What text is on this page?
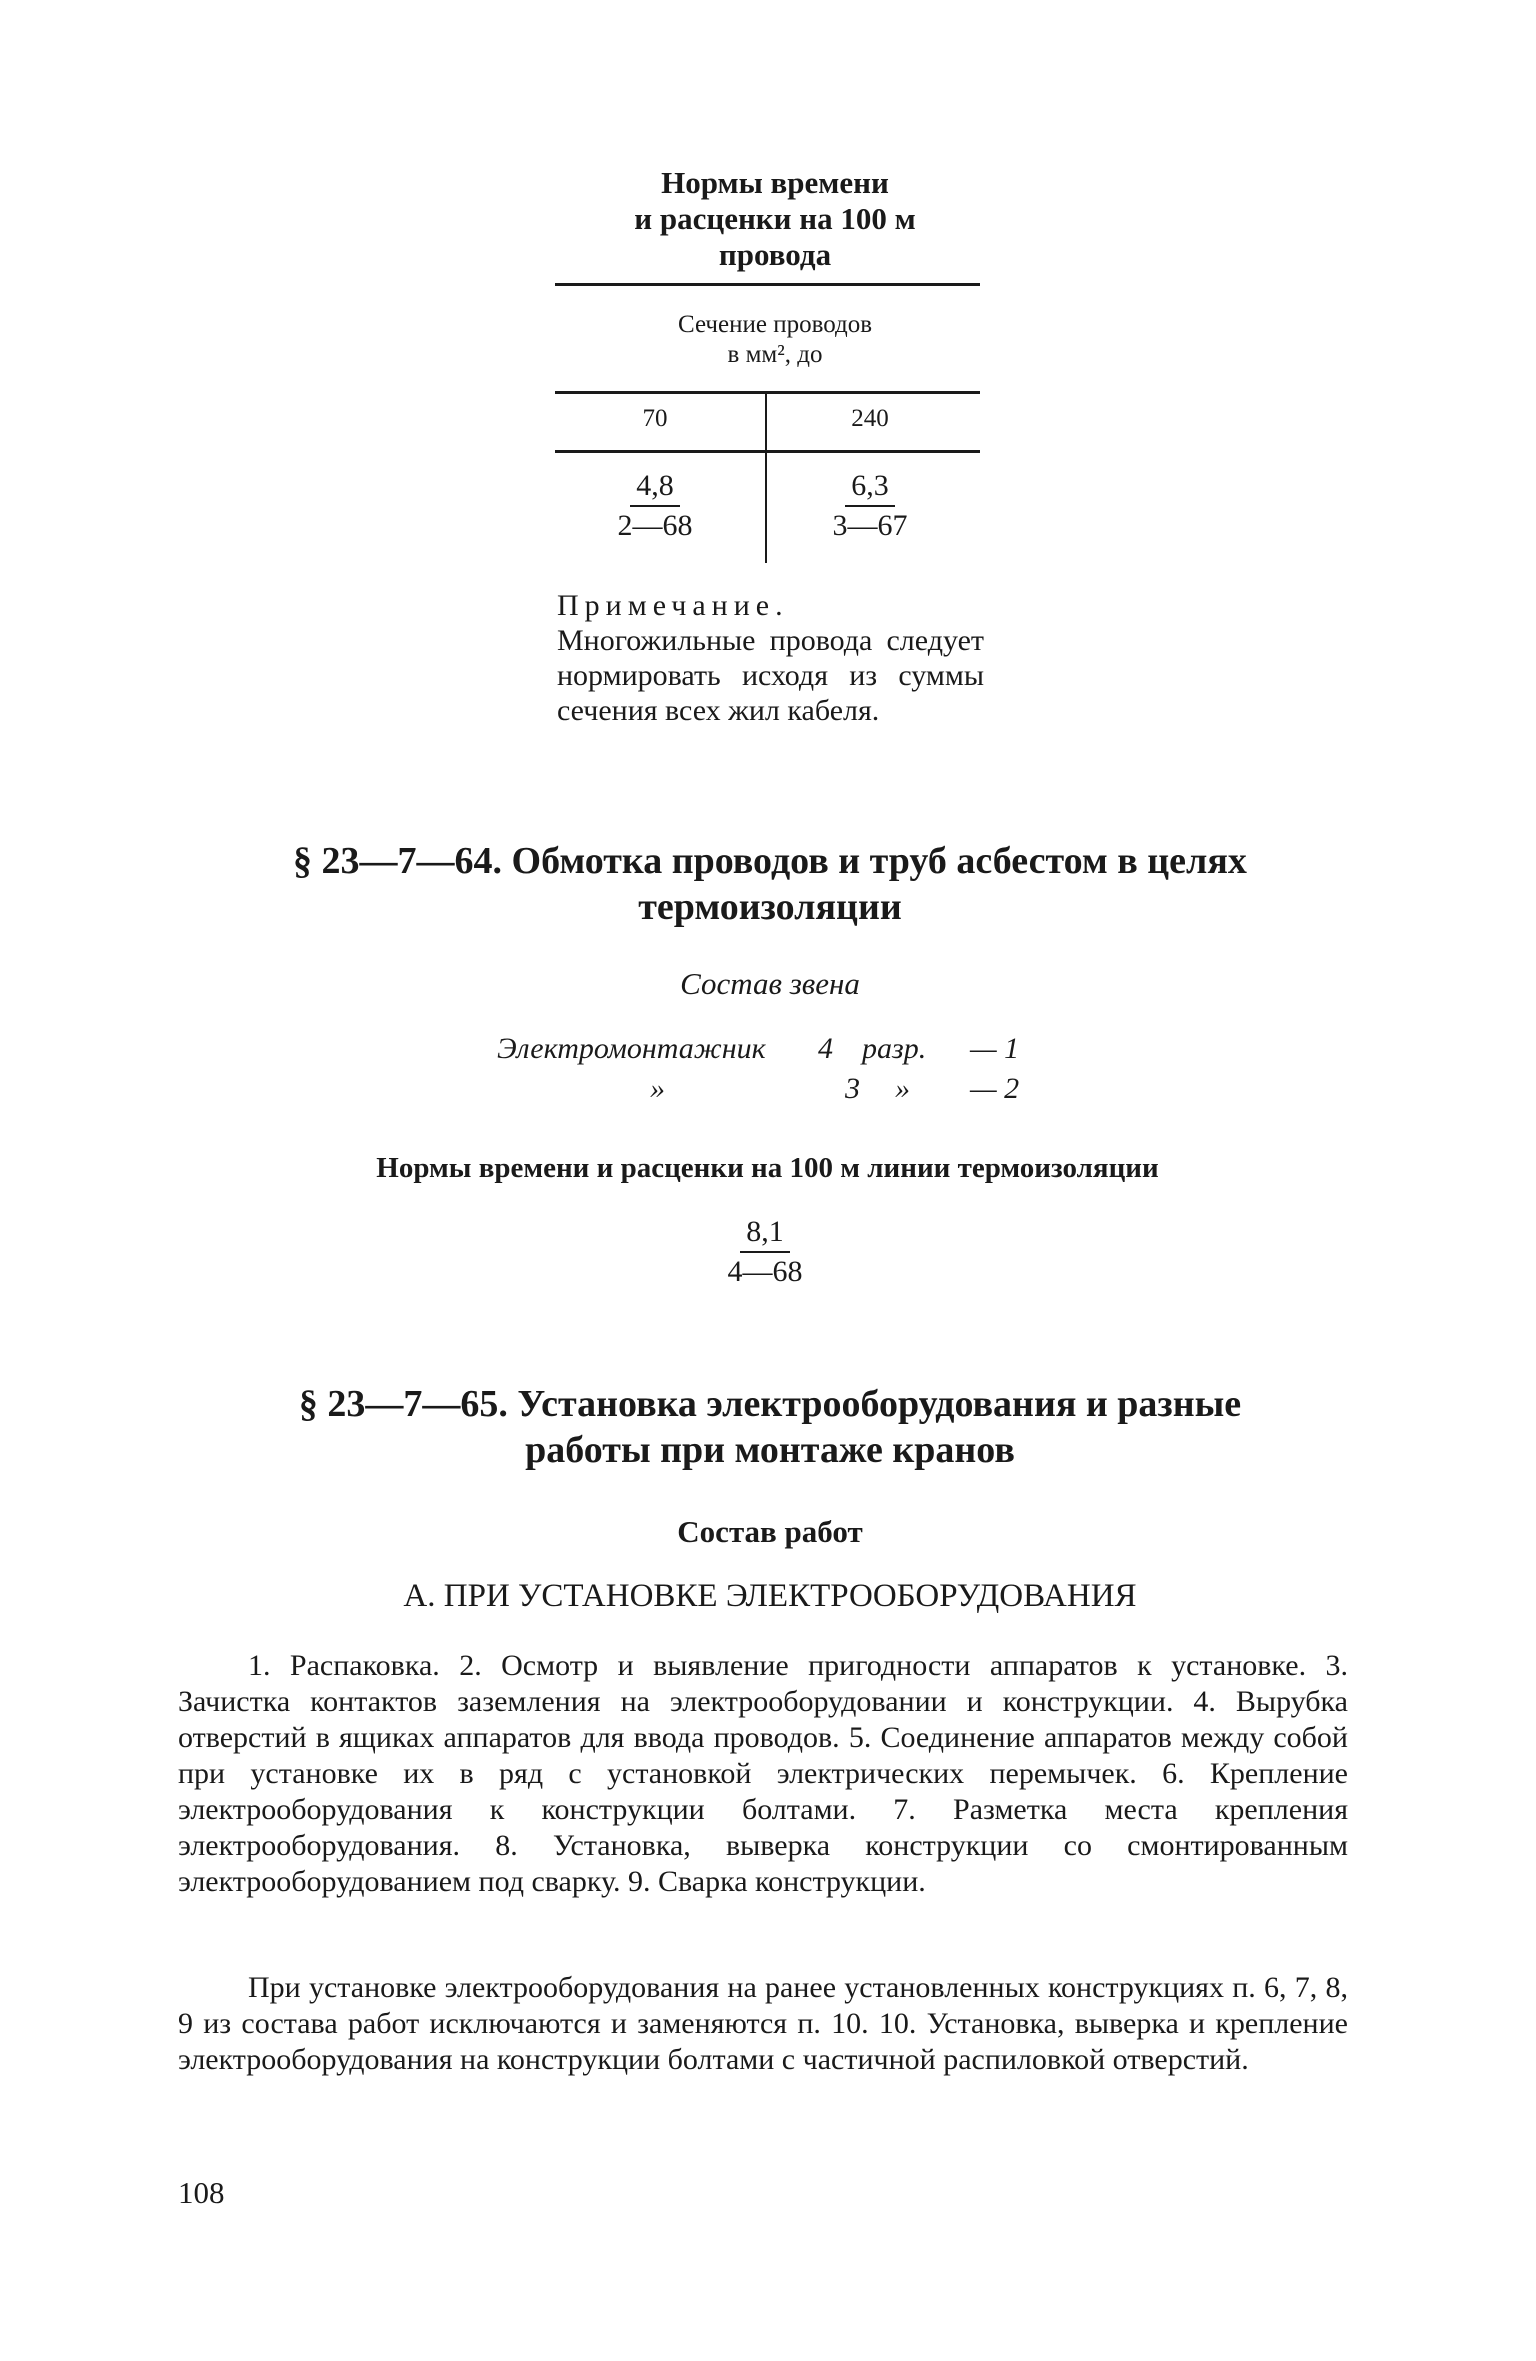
Нормы времени
и расценки на 100 м
провода
Сечение проводов
в мм², до
70	240
$\frac{4,8}{2—68} \frac{6,3}{3—67}$
Примечание. Многожильные провода следует нормировать исходя из суммы сечения всех жил кабеля.
§ 23—7—64. Обмотка проводов и труб асбестом в целях
термоизоляции
Состав звена
Электромонтажник 4 разр. — 1
»	3 » — 2
Нормы времени и расценки на 100 м линии термоизоляции
$\frac{8,1}{4—68}$
§ 23—7—65. Установка электрооборудования и разные
работы при монтаже кранов
Состав работ
А. ПРИ УСТАНОВКЕ ЭЛЕКТРООБОРУДОВАНИЯ
1. Распаковка. 2. Осмотр и выявление пригодности аппаратов к установке. 3. Зачистка контактов заземления на электрооборудовании и конструкции. 4. Вырубка отверстий в ящиках аппаратов для ввода проводов. 5. Соединение аппаратов между собой при установке их в ряд с установкой электрических перемычек. 6. Крепление электрооборудования к конструкции болтами. 7. Разметка места крепления электрооборудования. 8. Установка, выверка конструкции со смонтированным электрооборудованием под сварку. 9. Сварка конструкции.
При установке электрооборудования на ранее установленных конструкциях п. 6, 7, 8, 9 из состава работ исключаются и заменяются п. 10. 10. Установка, выверка и крепление электрооборудования на конструкции болтами с частичной распиловкой отверстий.
108
